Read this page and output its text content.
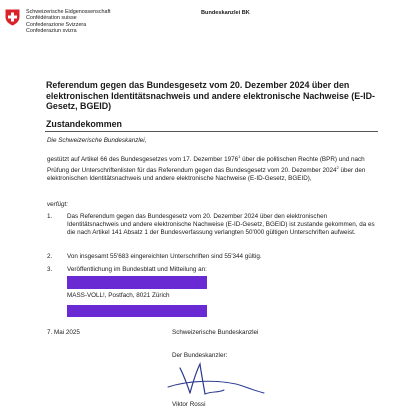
Schweizerische Eidgenossenschaft
Confédération suisse
Confederazione Svizzera
Confederaziun svizra
Bundeskanzlei BK
Referendum gegen das Bundesgesetz vom 20. Dezember 2024 über den elektronischen Identitätsnachweis und andere elektronische Nachweise (E-ID-Gesetz, BGEID)
Zustandekommen
Die Schweizerische Bundeskanzlei,
gestützt auf Artikel 66 des Bundesgesetzes vom 17. Dezember 1976$^1$ über die politischen Rechte (BPR) und nach Prüfung der Unterschriftenlisten für das Referendum gegen das Bundesgesetz vom 20. Dezember 2024$^2$ über den elektronischen Identitätsnachweis und andere elektronische Nachweise (E-ID-Gesetz, BGEID),
verfügt:
1. Das Referendum gegen das Bundesgesetz vom 20. Dezember 2024 über den elektronischen Identitätsnachweis und andere elektronische Nachweise (E-ID-Gesetz, BGEID) ist zustande gekommen, da es die nach Artikel 141 Absatz 1 der Bundesverfassung verlangten 50'000 gültigen Unterschriften aufweist.
2. Von insgesamt 55'683 eingereichten Unterschriften sind 55'344 gültig.
3. Veröffentlichung im Bundesblatt und Mitteilung an:
MASS-VOLL!, Postfach, 8021 Zürich
7. Mai 2025	Schweizerische Bundeskanzlei
Der Bundeskanzler:
Viktor Rossi
